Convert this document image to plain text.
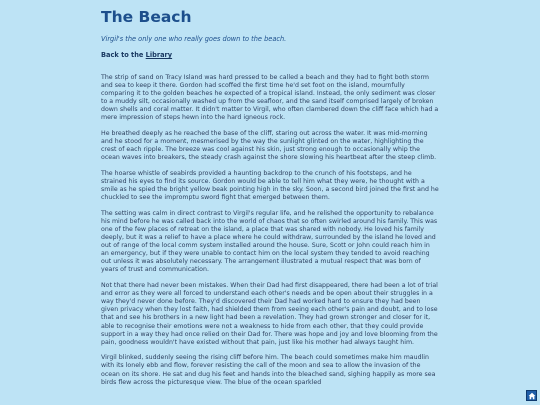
The Beach

Virgil's the only one who really goes down to the beach.

Back to the Library

The strip of sand on Tracy Island was hard pressed to be called a beach and they had to fight both storm and sea to keep it there. Gordon had scoffed the first time he'd set foot on the island, mournfully comparing it to the golden beaches he expected of a tropical island. Instead, the only sediment was closer to a muddy silt, occasionally washed up from the seafloor, and the sand itself comprised largely of broken down shells and coral matter. It didn't matter to Virgil, who often clambered down the cliff face which had a mere impression of steps hewn into the hard igneous rock.

He breathed deeply as he reached the base of the cliff, staring out across the water. It was mid-morning and he stood for a moment, mesmerised by the way the sunlight glinted on the water, highlighting the crest of each ripple. The breeze was cool against his skin, just strong enough to occasionally whip the ocean waves into breakers, the steady crash against the shore slowing his heartbeat after the steep climb.

The hoarse whistle of seabirds provided a haunting backdrop to the crunch of his footsteps, and he strained his eyes to find its source. Gordon would be able to tell him what they were, he thought with a smile as he spied the bright yellow beak pointing high in the sky. Soon, a second bird joined the first and he chuckled to see the impromptu sword fight that emerged between them.

The setting was calm in direct contrast to Virgil's regular life, and he relished the opportunity to rebalance his mind before he was called back into the world of chaos that so often swirled around his family. This was one of the few places of retreat on the island, a place that was shared with nobody. He loved his family deeply, but it was a relief to have a place where he could withdraw, surrounded by the island he loved and out of range of the local comm system installed around the house. Sure, Scott or John could reach him in an emergency, but if they were unable to contact him on the local system they tended to avoid reaching out unless it was absolutely necessary. The arrangement illustrated a mutual respect that was born of years of trust and communication.

Not that there had never been mistakes. When their Dad had first disappeared, there had been a lot of trial and error as they were all forced to understand each other's needs and be open about their struggles in a way they'd never done before. They'd discovered their Dad had worked hard to ensure they had been given privacy when they lost faith, had shielded them from seeing each other's pain and doubt, and to lose that and see his brothers in a new light had been a revelation. They had grown stronger and closer for it, able to recognise their emotions were not a weakness to hide from each other, that they could provide support in a way they had once relied on their Dad for. There was hope and joy and love blooming from the pain, goodness wouldn't have existed without that pain, just like his mother had always taught him.

Virgil blinked, suddenly seeing the rising cliff before him. The beach could sometimes make him maudlin with its lonely ebb and flow, forever resisting the call of the moon and sea to allow the invasion of the ocean on its shore. He sat and dug his feet and hands into the bleached sand, sighing happily as more sea birds flew across the picturesque view. The blue of the ocean sparkled
